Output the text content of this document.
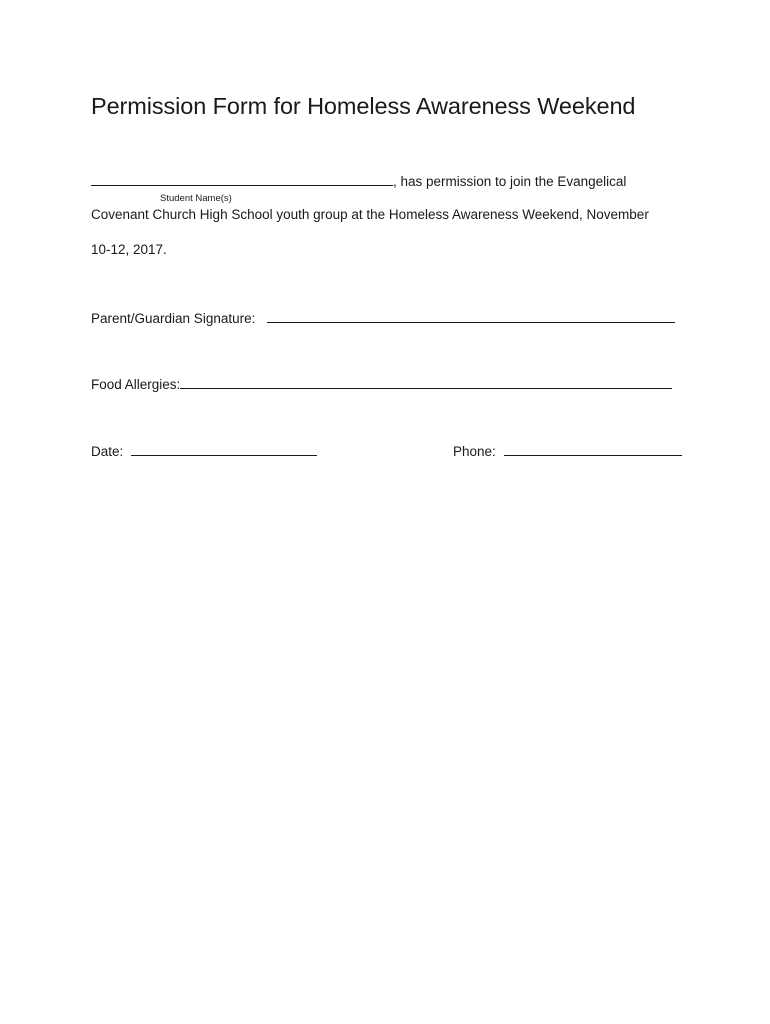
Permission Form for Homeless Awareness Weekend
, has permission to join the Evangelical
Student Name(s)
Covenant Church High School youth group at the Homeless Awareness Weekend, November
10-12, 2017.
Parent/Guardian Signature:
Food Allergies:
Date:	Phone:
